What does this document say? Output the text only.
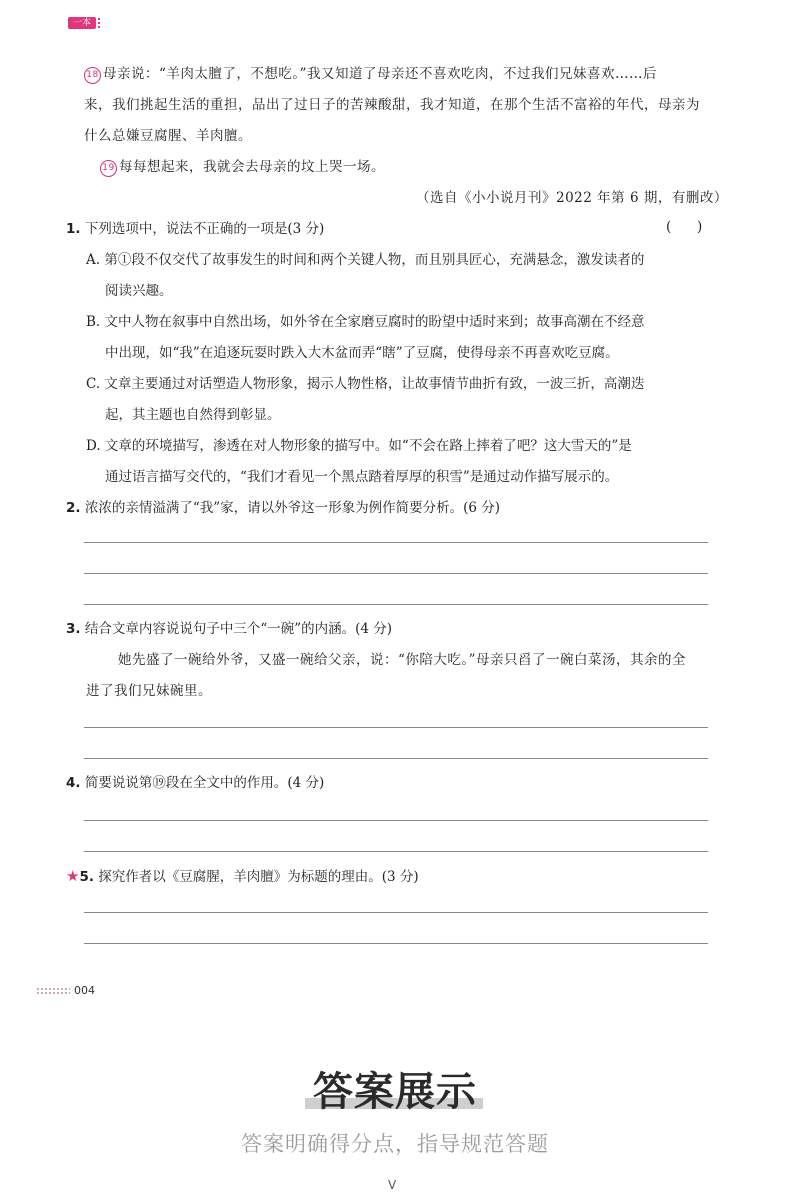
一本
18 母亲说：“羊肉太膻了，不想吃。”我又知道了母亲还不喜欢吃肉，不过我们兄妹喜欢……后
来，我们挑起生活的重担，品出了过日子的苦辣酸甜，我才知道，在那个生活不富裕的年代，母亲为
什么总嫌豆腐腥、羊肉膻。
19 每每想起来，我就会去母亲的坟上哭一场。
（选自《小小说月刊》2022 年第 6 期，有删改）
1. 下列选项中，说法不正确的一项是(3 分)	(      )
A. 第①段不仅交代了故事发生的时间和两个关键人物，而且别具匠心，充满悬念，激发读者的
阅读兴趣。
B. 文中人物在叙事中自然出场，如外爷在全家磨豆腐时的盼望中适时来到；故事高潮在不经意
中出现，如“我”在追逐玩耍时跌入大木盆而弄“瞎”了豆腐，使得母亲不再喜欢吃豆腐。
C. 文章主要通过对话塑造人物形象，揭示人物性格，让故事情节曲折有致，一波三折，高潮迭
起，其主题也自然得到彰显。
D. 文章的环境描写，渗透在对人物形象的描写中。如“不会在路上摔着了吧？这大雪天的”是
通过语言描写交代的，“我们才看见一个黑点踏着厚厚的积雪”是通过动作描写展示的。
2. 浓浓的亲情溢满了“我”家，请以外爷这一形象为例作简要分析。(6 分)
3. 结合文章内容说说句子中三个“一碗”的内涵。(4 分)
她先盛了一碗给外爷，又盛一碗给父亲，说：“你陪大吃。”母亲只舀了一碗白菜汤，其余的全
进了我们兄妹碗里。
4. 简要说说第⑲段在全文中的作用。(4 分)
★5. 探究作者以《豆腐腥，羊肉膻》为标题的理由。(3 分)
004
答案展示
答案明确得分点，指导规范答题
V
